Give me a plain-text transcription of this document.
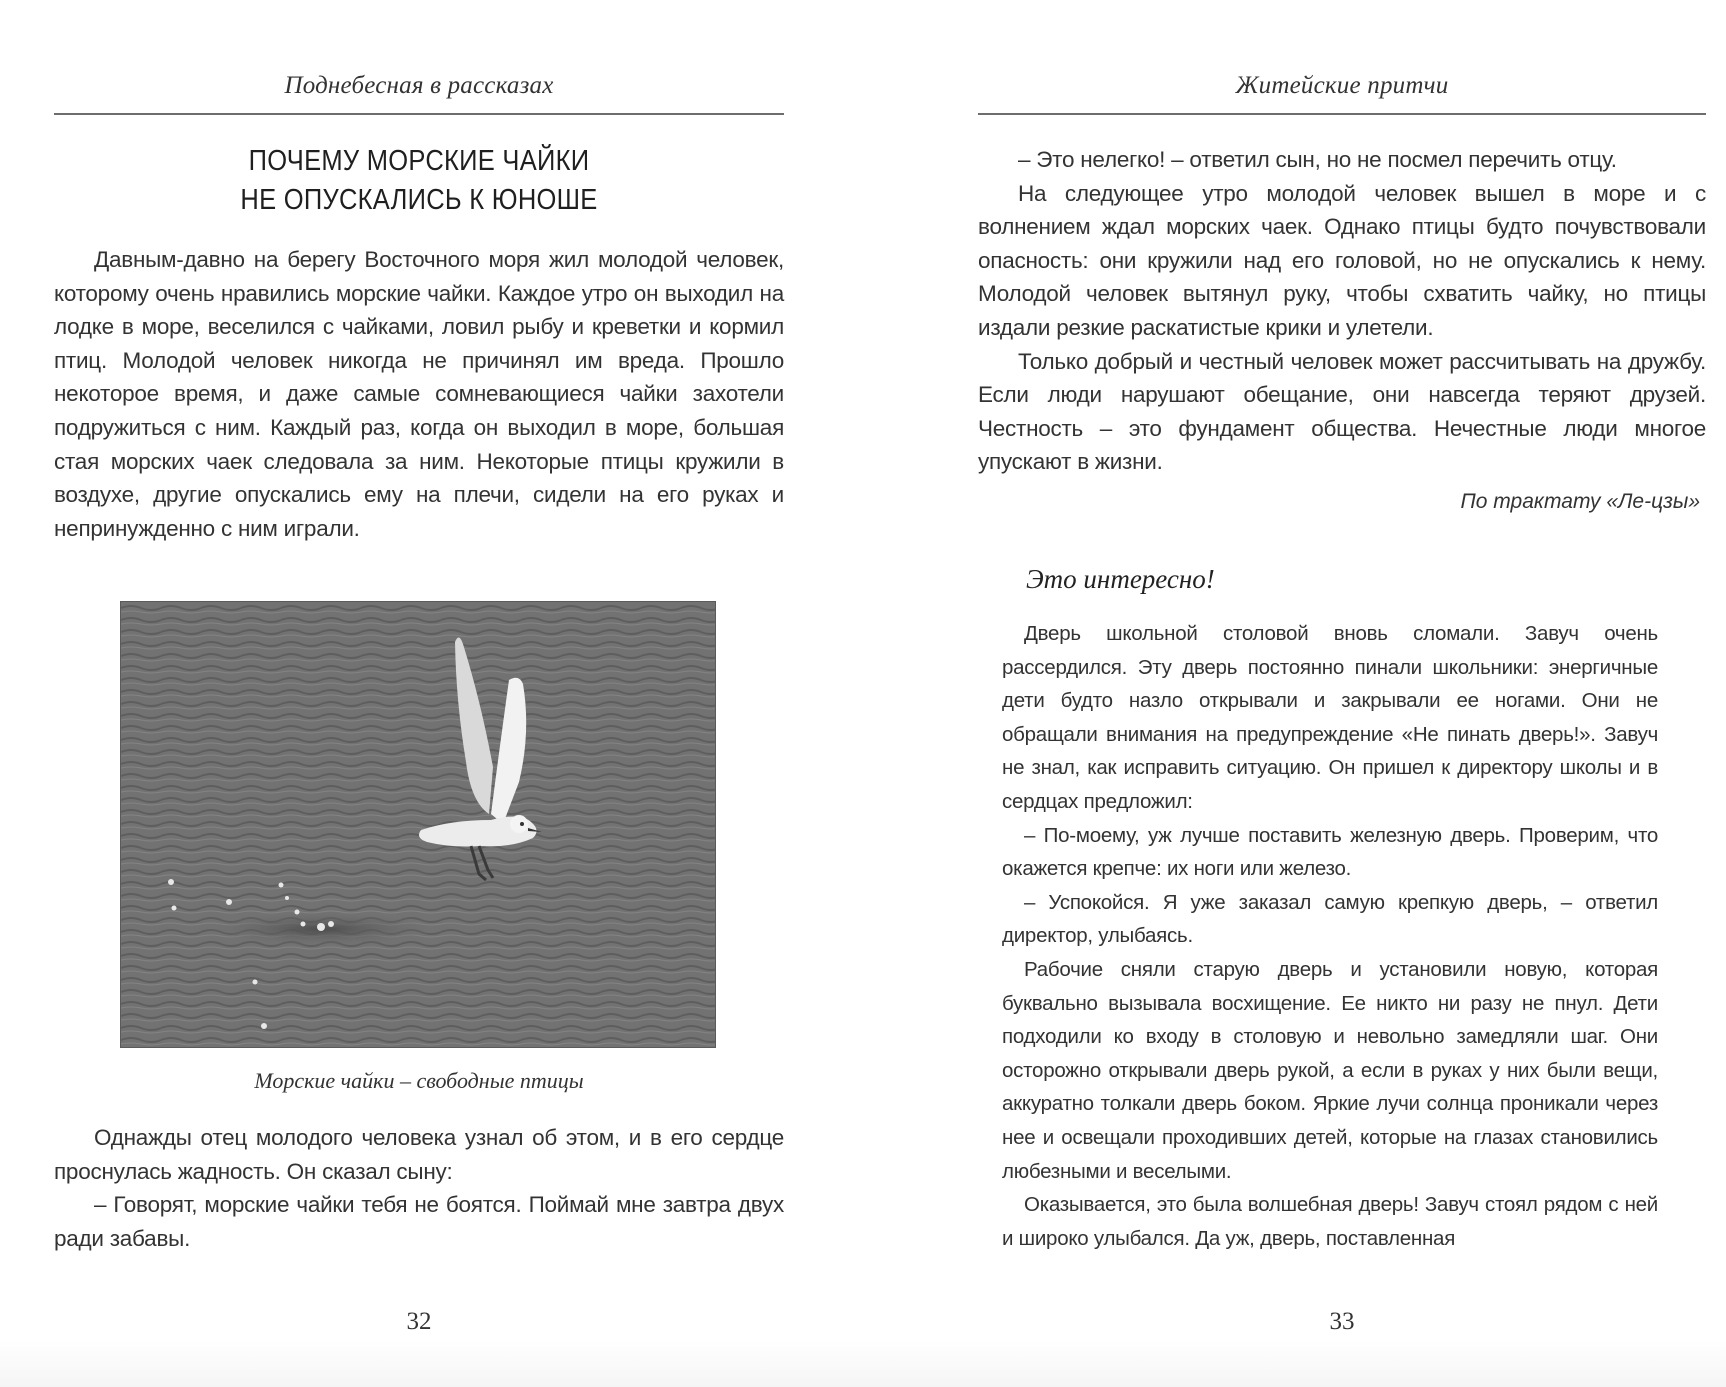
Поднебесная в рассказах
ПОЧЕМУ МОРСКИЕ ЧАЙКИ
НЕ ОПУСКАЛИСЬ К ЮНОШЕ

Давным-давно на берегу Восточного моря жил молодой человек, которому очень нравились морские чайки. Каждое утро он выходил на лодке в море, веселился с чайками, ловил рыбу и креветки и кормил птиц. Молодой человек никогда не причинял им вреда. Прошло некоторое время, и даже самые сомневающиеся чайки захотели подружиться с ним. Каждый раз, когда он выходил в море, большая стая морских чаек следовала за ним. Некоторые птицы кружили в воздухе, другие опускались ему на плечи, сидели на его руках и непринужденно с ним играли.

Морские чайки – свободные птицы

Однажды отец молодого человека узнал об этом, и в его сердце проснулась жадность. Он сказал сыну:

– Говорят, морские чайки тебя не боятся. Поймай мне завтра двух ради забавы.

32
Житейские притчи

– Это нелегко! – ответил сын, но не посмел перечить отцу.

На следующее утро молодой человек вышел в море и с волнением ждал морских чаек. Однако птицы будто почувствовали опасность: они кружили над его головой, но не опускались к нему. Молодой человек вытянул руку, чтобы схватить чайку, но птицы издали резкие раскатистые крики и улетели.

Только добрый и честный человек может рассчитывать на дружбу. Если люди нарушают обещание, они навсегда теряют друзей. Честность – это фундамент общества. Нечестные люди многое упускают в жизни.

По трактату «Ле-цзы»
Это интересно!

Дверь школьной столовой вновь сломали. Завуч очень рассердился. Эту дверь постоянно пинали школьники: энергичные дети будто назло открывали и закрывали ее ногами. Они не обращали внимания на предупреждение «Не пинать дверь!». Завуч не знал, как исправить ситуацию. Он пришел к директору школы и в сердцах предложил:

– По-моему, уж лучше поставить железную дверь. Проверим, что окажется крепче: их ноги или железо.

– Успокойся. Я уже заказал самую крепкую дверь, – ответил директор, улыбаясь.

Рабочие сняли старую дверь и установили новую, которая буквально вызывала восхищение. Ее никто ни разу не пнул. Дети подходили ко входу в столовую и невольно замедляли шаг. Они осторожно открывали дверь рукой, а если в руках у них были вещи, аккуратно толкали дверь боком. Яркие лучи солнца проникали через нее и освещали проходивших детей, которые на глазах становились любезными и веселыми.

Оказывается, это была волшебная дверь! Завуч стоял рядом с ней и широко улыбался. Да уж, дверь, поставленная

33
